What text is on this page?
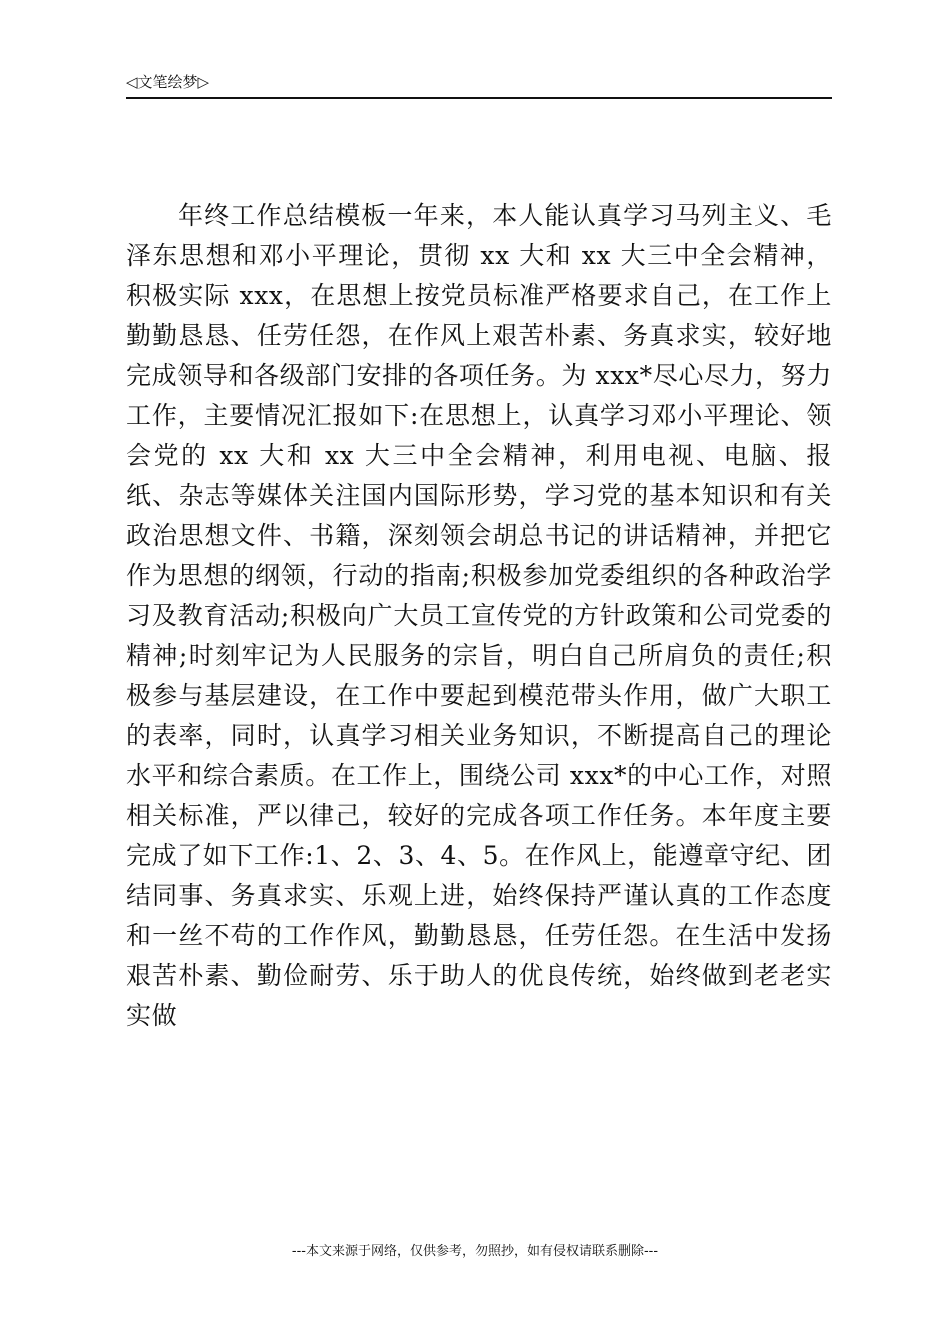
◁文笔绘梦▷

年终工作总结模板一年来，本人能认真学习马列主义、毛泽东思想和邓小平理论，贯彻 xx 大和 xx 大三中全会精神，积极实际 xxx，在思想上按党员标准严格要求自己，在工作上勤勤恳恳、任劳任怨，在作风上艰苦朴素、务真求实，较好地完成领导和各级部门安排的各项任务。为 xxx*尽心尽力，努力工作，主要情况汇报如下:在思想上，认真学习邓小平理论、领会党的 xx 大和 xx 大三中全会精神，利用电视、电脑、报纸、杂志等媒体关注国内国际形势，学习党的基本知识和有关政治思想文件、书籍，深刻领会胡总书记的讲话精神，并把它作为思想的纲领，行动的指南;积极参加党委组织的各种政治学习及教育活动;积极向广大员工宣传党的方针政策和公司党委的精神;时刻牢记为人民服务的宗旨，明白自己所肩负的责任;积极参与基层建设，在工作中要起到模范带头作用，做广大职工的表率，同时，认真学习相关业务知识，不断提高自己的理论水平和综合素质。在工作上，围绕公司 xxx*的中心工作，对照相关标准，严以律己，较好的完成各项工作任务。本年度主要完成了如下工作:1、2、3、4、5。在作风上，能遵章守纪、团结同事、务真求实、乐观上进，始终保持严谨认真的工作态度和一丝不苟的工作作风，勤勤恳恳，任劳任怨。在生活中发扬艰苦朴素、勤俭耐劳、乐于助人的优良传统，始终做到老老实实做

---本文来源于网络，仅供参考，勿照抄，如有侵权请联系删除---
